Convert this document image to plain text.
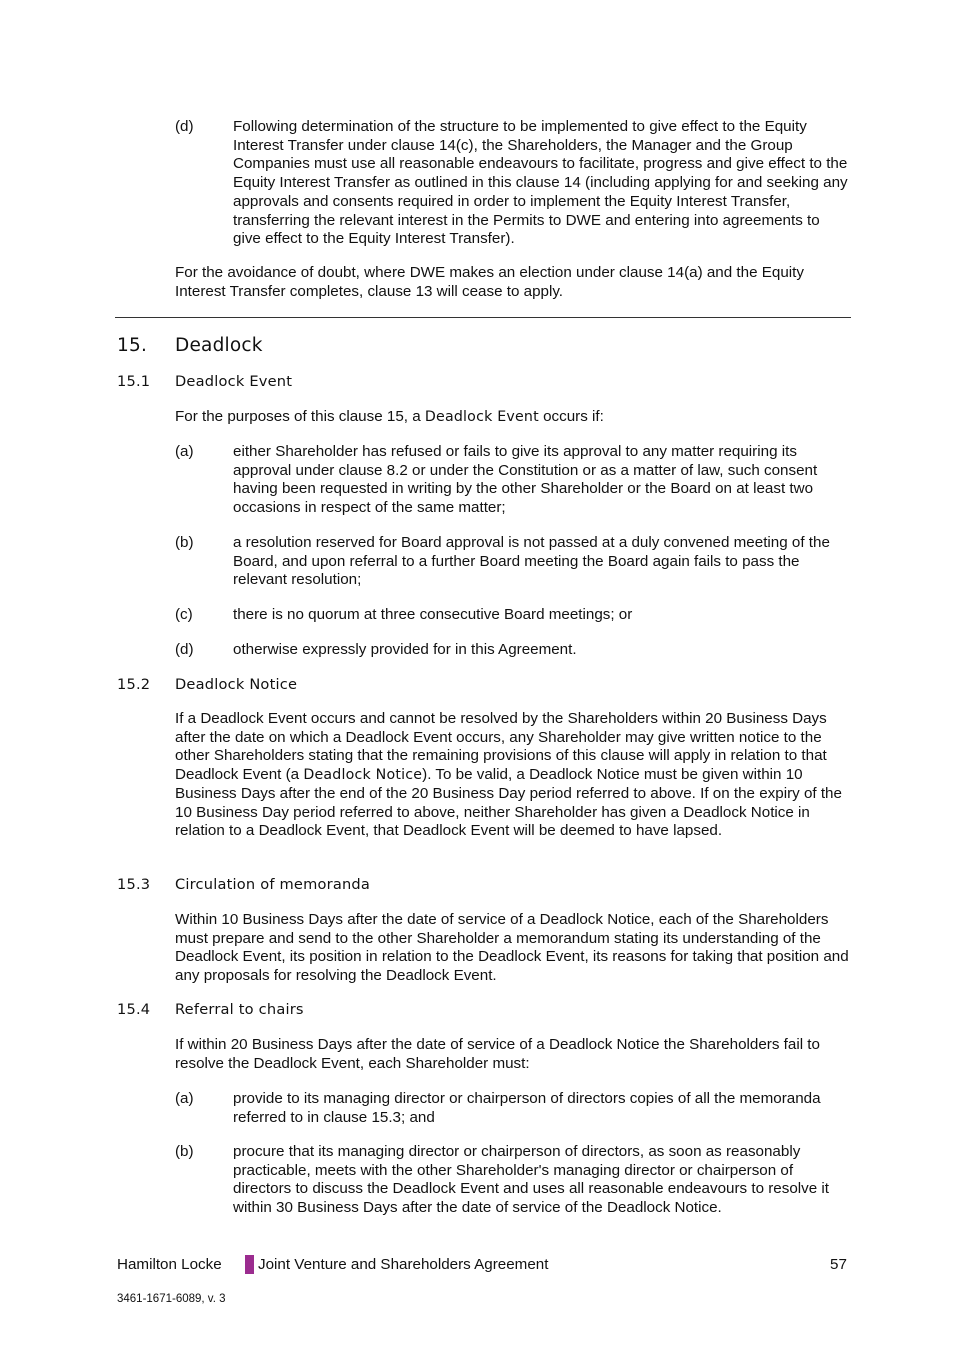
(d)	Following determination of the structure to be implemented to give effect to the Equity Interest Transfer under clause 14(c), the Shareholders, the Manager and the Group Companies must use all reasonable endeavours to facilitate, progress and give effect to the Equity Interest Transfer as outlined in this clause 14 (including applying for and seeking any approvals and consents required in order to implement the Equity Interest Transfer, transferring the relevant interest in the Permits to DWE and entering into agreements to give effect to the Equity Interest Transfer).
For the avoidance of doubt, where DWE makes an election under clause 14(a) and the Equity Interest Transfer completes, clause 13 will cease to apply.
15. Deadlock
15.1 Deadlock Event
For the purposes of this clause 15, a Deadlock Event occurs if:
(a)	either Shareholder has refused or fails to give its approval to any matter requiring its approval under clause 8.2 or under the Constitution or as a matter of law, such consent having been requested in writing by the other Shareholder or the Board on at least two occasions in respect of the same matter;
(b)	a resolution reserved for Board approval is not passed at a duly convened meeting of the Board, and upon referral to a further Board meeting the Board again fails to pass the relevant resolution;
(c)	there is no quorum at three consecutive Board meetings; or
(d)	otherwise expressly provided for in this Agreement.
15.2 Deadlock Notice
If a Deadlock Event occurs and cannot be resolved by the Shareholders within 20 Business Days after the date on which a Deadlock Event occurs, any Shareholder may give written notice to the other Shareholders stating that the remaining provisions of this clause will apply in relation to that Deadlock Event (a Deadlock Notice). To be valid, a Deadlock Notice must be given within 10 Business Days after the end of the 20 Business Day period referred to above. If on the expiry of the 10 Business Day period referred to above, neither Shareholder has given a Deadlock Notice in relation to a Deadlock Event, that Deadlock Event will be deemed to have lapsed.
15.3 Circulation of memoranda
Within 10 Business Days after the date of service of a Deadlock Notice, each of the Shareholders must prepare and send to the other Shareholder a memorandum stating its understanding of the Deadlock Event, its position in relation to the Deadlock Event, its reasons for taking that position and any proposals for resolving the Deadlock Event.
15.4 Referral to chairs
If within 20 Business Days after the date of service of a Deadlock Notice the Shareholders fail to resolve the Deadlock Event, each Shareholder must:
(a)	provide to its managing director or chairperson of directors copies of all the memoranda referred to in clause 15.3; and
(b)	procure that its managing director or chairperson of directors, as soon as reasonably practicable, meets with the other Shareholder's managing director or chairperson of directors to discuss the Deadlock Event and uses all reasonable endeavours to resolve it within 30 Business Days after the date of service of the Deadlock Notice.
Hamilton Locke Joint Venture and Shareholders Agreement	57
3461-1671-6089, v. 3
